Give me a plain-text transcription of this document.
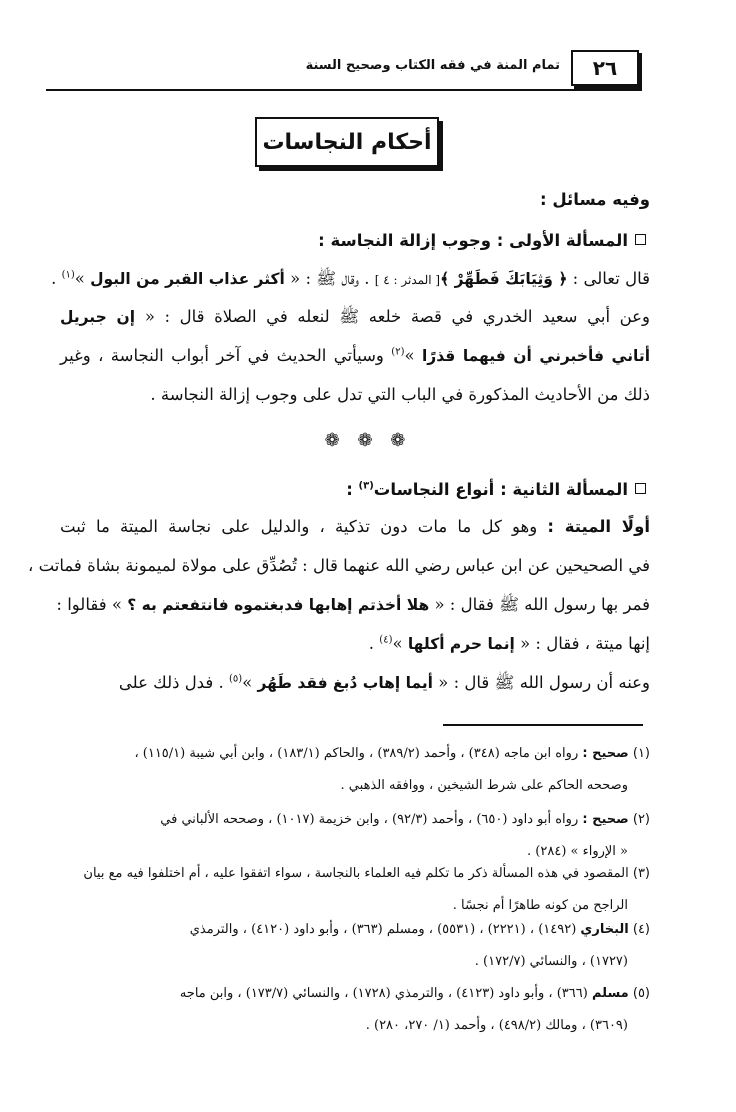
٢٦
تمام المنة في فقه الكتاب وصحيح السنة
أحكام النجاسات
وفيه مسائل :
المسألة الأولى : وجوب إزالة النجاسة :
قال تعالى : ﴿ وَثِيَابَكَ فَطَهِّرْ ﴾[ المدثر : ٤ ] . وقال ﷺ : « أكثر عذاب القبر من البول »$^{(١)}$ .
وعن أبي سعيد الخدري في قصة خلعه ﷺ لنعله في الصلاة قال : « إن جبريل
أتاني فأخبرني أن فيهما قذرًا »$^{(٢)}$ وسيأتي الحديث في آخر أبواب النجاسة ، وغير
ذلك من الأحاديث المذكورة في الباب التي تدل على وجوب إزالة النجاسة .
❁ ❁ ❁
المسألة الثانية : أنواع النجاسات$^{(٣)}$ :
أولًا الميتة : وهو كل ما مات دون تذكية ، والدليل على نجاسة الميتة ما ثبت
في الصحيحين عن ابن عباس رضي الله عنهما قال : تُصُدِّق على مولاة لميمونة بشاة فماتت ،
فمر بها رسول الله ﷺ فقال : « هلا أخذتم إهابها فدبغتموه فانتفعتم به ؟ » فقالوا :
إنها ميتة ، فقال : « إنما حرم أكلها »$^{(٤)}$ .
وعنه أن رسول الله ﷺ قال : « أيما إهاب دُبغ فقد طَهُر »$^{(٥)}$ . فدل ذلك على
(١) صحيح : رواه ابن ماجه (٣٤٨) ، وأحمد (٣٨٩/٢) ، والحاكم (١٨٣/١) ، وابن أبي شيبة (١١٥/١) ،
وصححه الحاكم على شرط الشيخين ، ووافقه الذهبي .
(٢) صحيح : رواه أبو داود (٦٥٠) ، وأحمد (٩٢/٣) ، وابن خزيمة (١٠١٧) ، وصححه الألباني في
« الإرواء » (٢٨٤) .
(٣) المقصود في هذه المسألة ذكر ما تكلم فيه العلماء بالنجاسة ، سواء اتفقوا عليه ، أم اختلفوا فيه مع بيان
الراجح من كونه طاهرًا أم نجسًا .
(٤) البخاري (١٤٩٢) ، (٢٢٢١) ، (٥٥٣١) ، ومسلم (٣٦٣) ، وأبو داود (٤١٢٠) ، والترمذي
(١٧٢٧) ، والنسائي (١٧٢/٧) .
(٥) مسلم (٣٦٦) ، وأبو داود (٤١٢٣) ، والترمذي (١٧٢٨) ، والنسائي (١٧٣/٧) ، وابن ماجه
(٣٦٠٩) ، ومالك (٤٩٨/٢) ، وأحمد (١/ ٢٧٠، ٢٨٠) .
